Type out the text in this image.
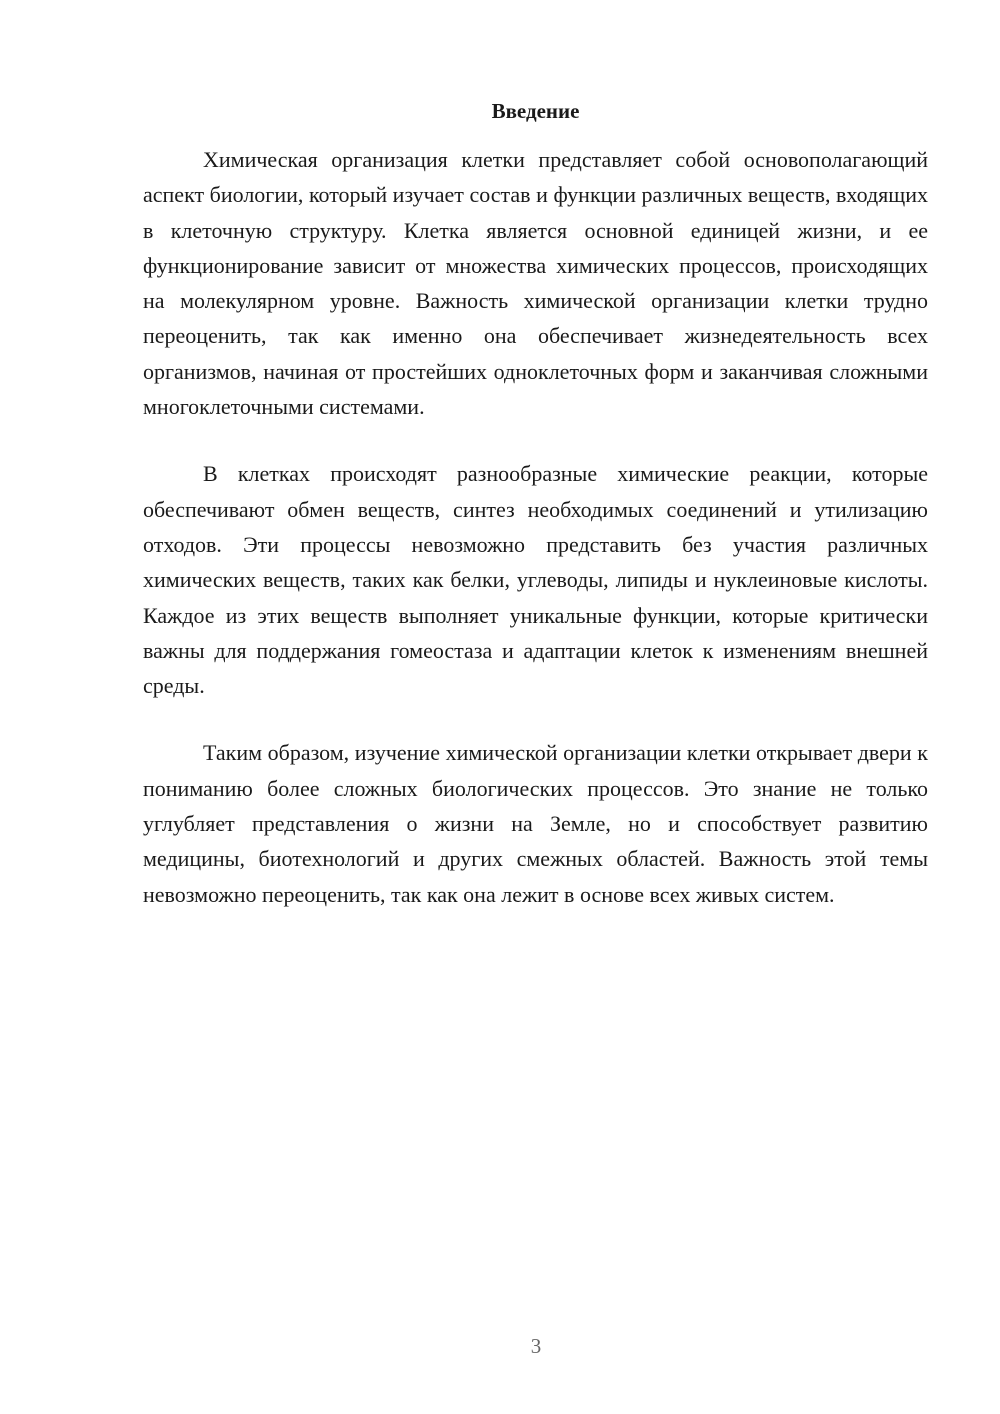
Введение

Химическая организация клетки представляет собой основополагающий аспект биологии, который изучает состав и функции различных веществ, входящих в клеточную структуру. Клетка является основной единицей жизни, и ее функционирование зависит от множества химических процессов, происходящих на молекулярном уровне. Важность химической организации клетки трудно переоценить, так как именно она обеспечивает жизнедеятельность всех организмов, начиная от простейших одноклеточных форм и заканчивая сложными многоклеточными системами.

В клетках происходят разнообразные химические реакции, которые обеспечивают обмен веществ, синтез необходимых соединений и утилизацию отходов. Эти процессы невозможно представить без участия различных химических веществ, таких как белки, углеводы, липиды и нуклеиновые кислоты. Каждое из этих веществ выполняет уникальные функции, которые критически важны для поддержания гомеостаза и адаптации клеток к изменениям внешней среды.

Таким образом, изучение химической организации клетки открывает двери к пониманию более сложных биологических процессов. Это знание не только углубляет представления о жизни на Земле, но и способствует развитию медицины, биотехнологий и других смежных областей. Важность этой темы невозможно переоценить, так как она лежит в основе всех живых систем.

3
